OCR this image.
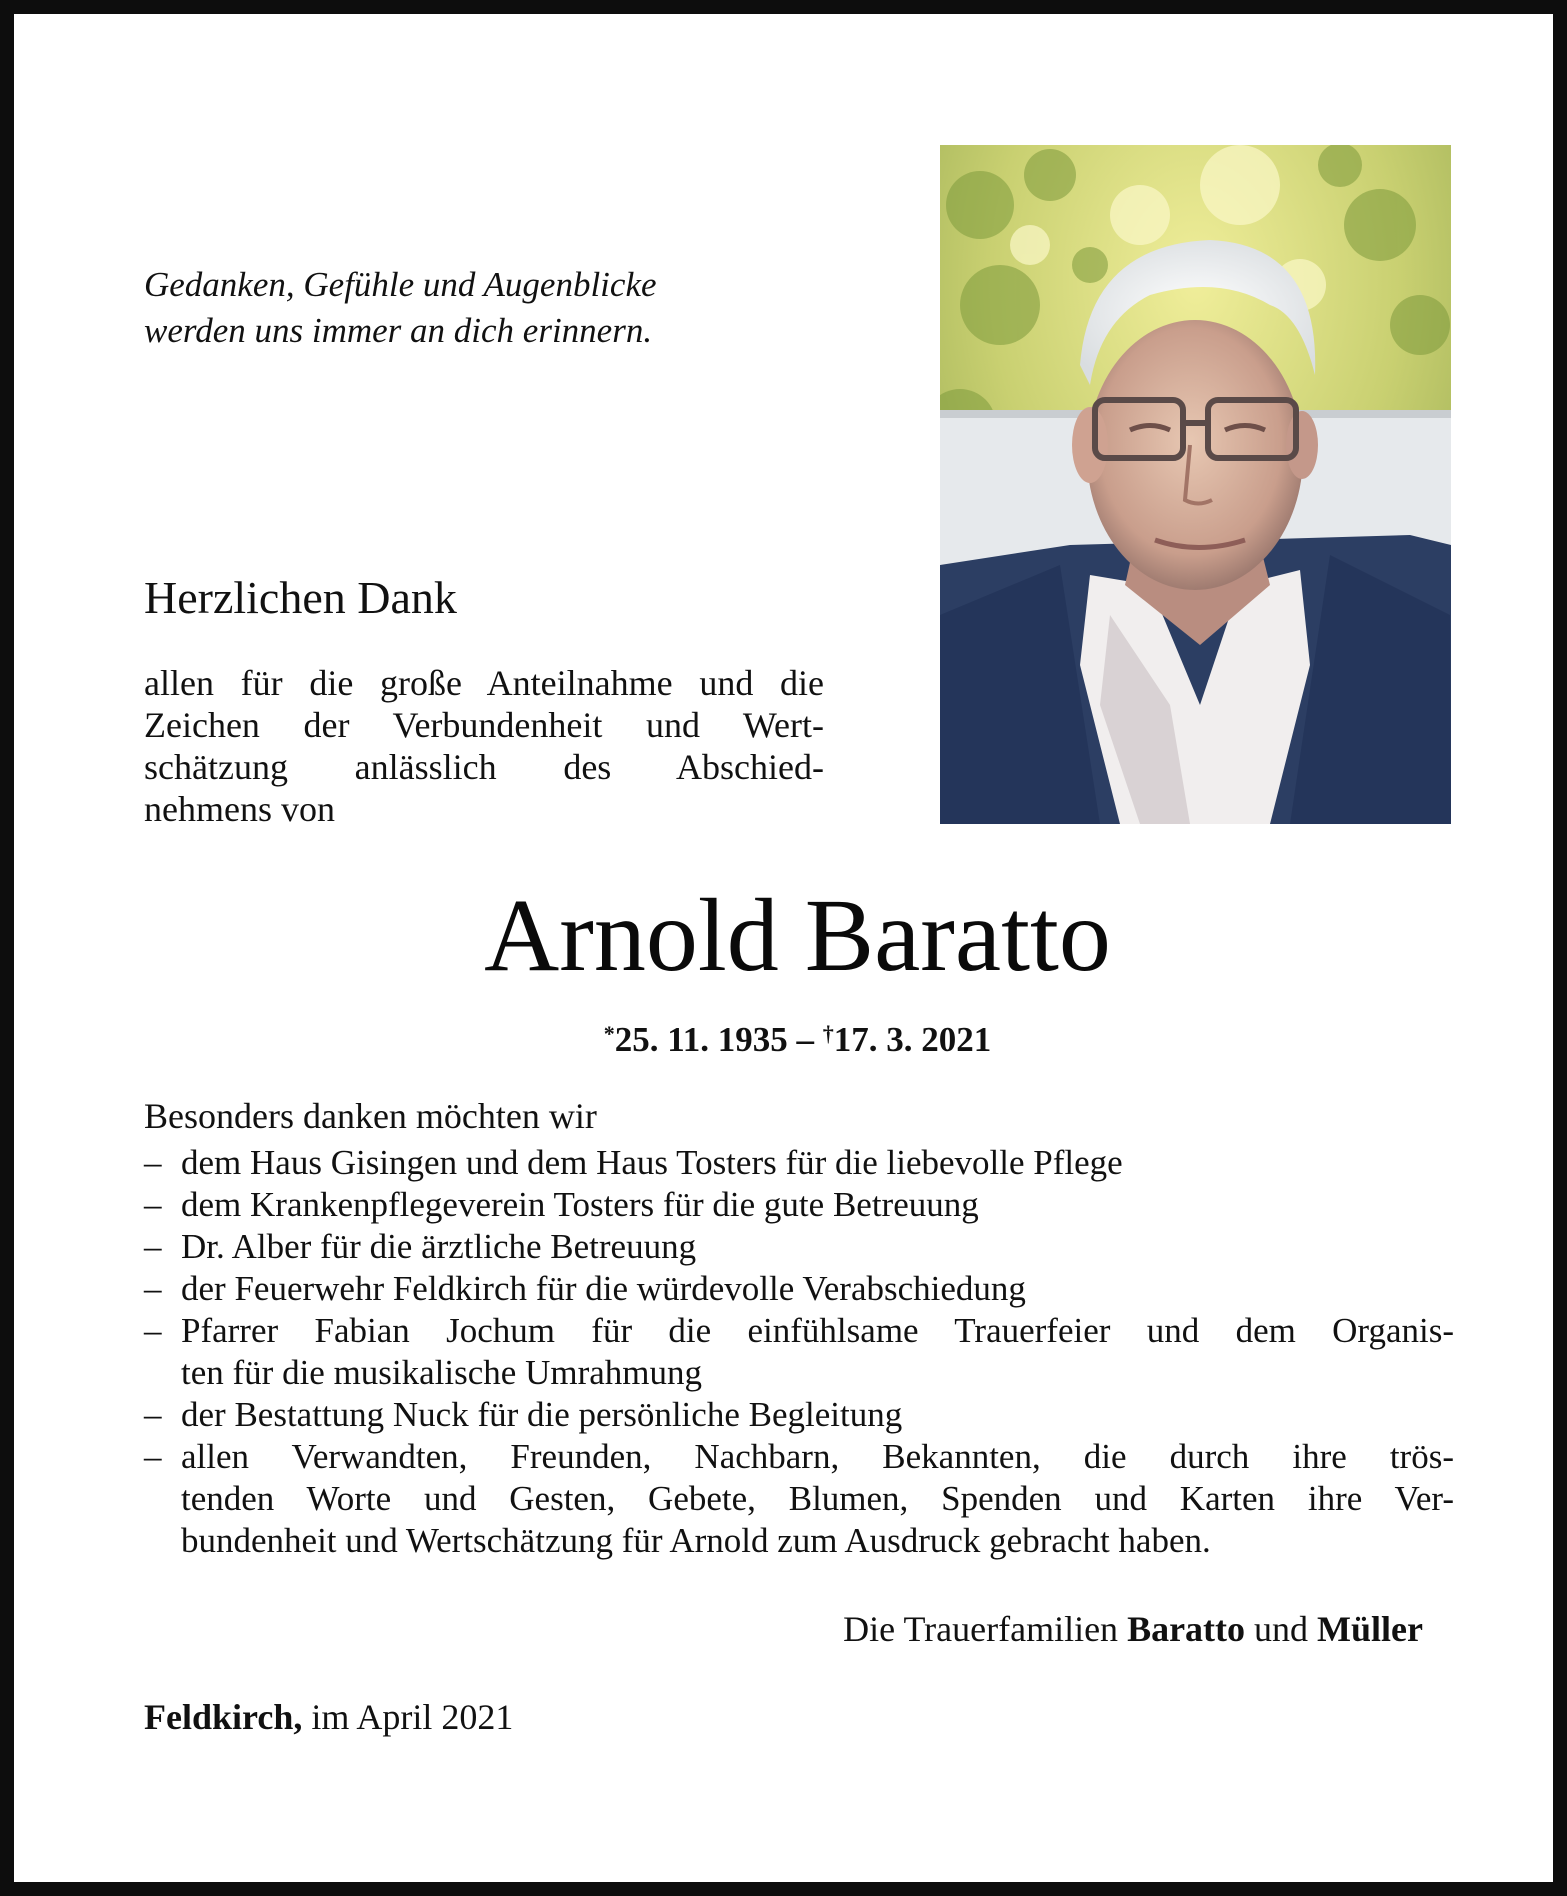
Gedanken, Gefühle und Augenblicke
werden uns immer an dich erinnern.
Herzlichen Dank
allen für die große Anteilnahme und die
Zeichen der Verbundenheit und Wert-
schätzung anlässlich des Abschied-
nehmens von
Arnold Baratto
*25. 11. 1935 – †17. 3. 2021
Besonders danken möchten wir
– dem Haus Gisingen und dem Haus Tosters für die liebevolle Pflege
– dem Krankenpflegeverein Tosters für die gute Betreuung
– Dr. Alber für die ärztliche Betreuung
– der Feuerwehr Feldkirch für die würdevolle Verabschiedung
– Pfarrer Fabian Jochum für die einfühlsame Trauerfeier und dem Organis-
ten für die musikalische Umrahmung
– der Bestattung Nuck für die persönliche Begleitung
– allen Verwandten, Freunden, Nachbarn, Bekannten, die durch ihre trös-
tenden Worte und Gesten, Gebete, Blumen, Spenden und Karten ihre Ver-
bundenheit und Wertschätzung für Arnold zum Ausdruck gebracht haben.
Die Trauerfamilien Baratto und Müller
Feldkirch, im April 2021
